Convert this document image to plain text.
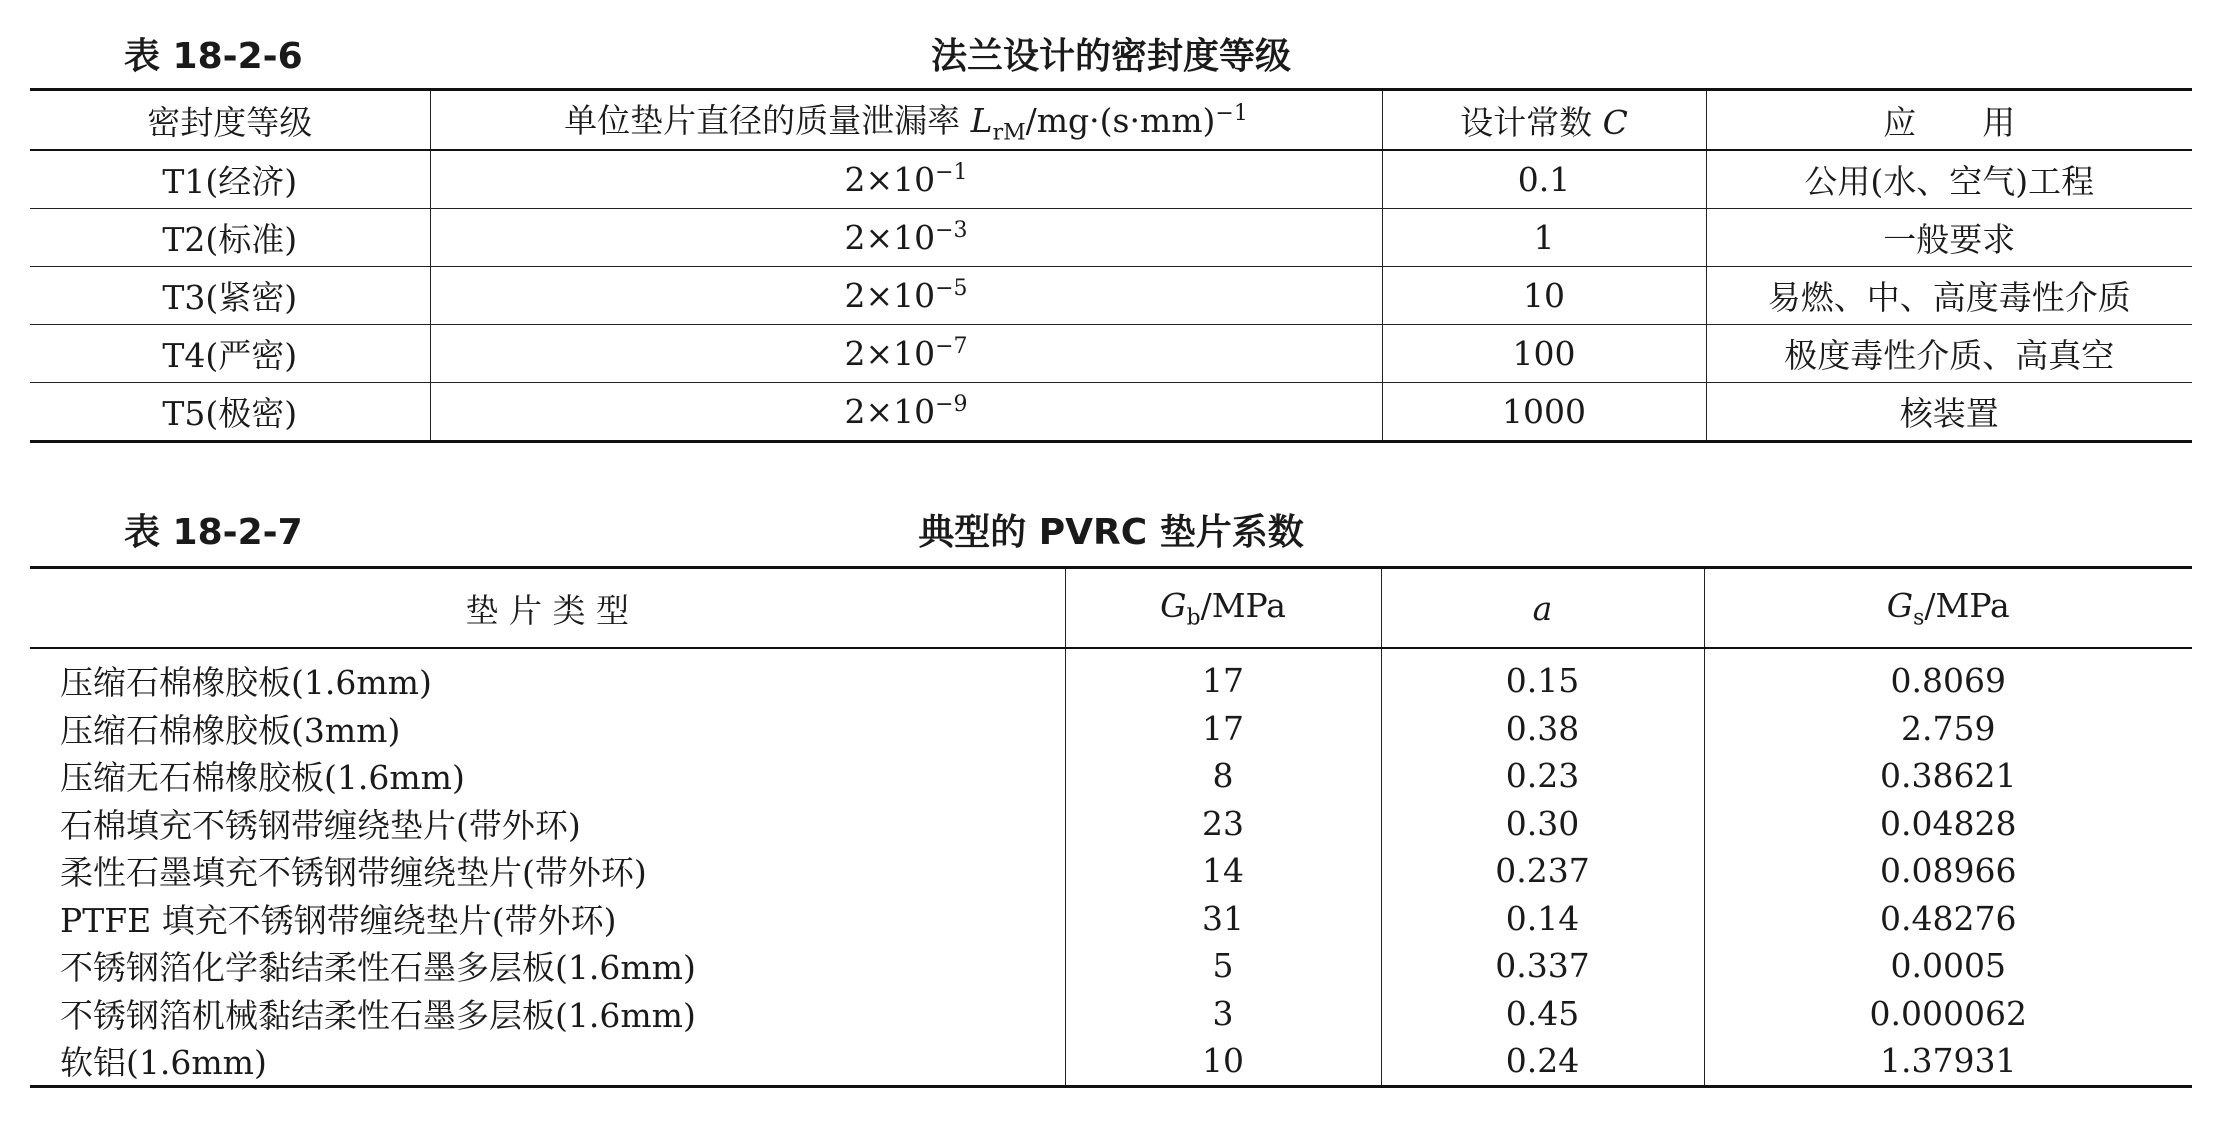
表 18-2-6	法兰设计的密封度等级
密封度等级	单位垫片直径的质量泄漏率 $L_{rM}/mg\cdot(s\cdot mm)^{-1}$	设计常数 C	应　　用
T1(经济)	$2\times 10^{-1}$	0.1	公用(水、空气)工程
T2(标准)	$2\times 10^{-3}$	1	一般要求
T3(紧密)	$2\times 10^{-5}$	10	易燃、中、高度毒性介质
T4(严密)	$2\times 10^{-7}$	100	极度毒性介质、高真空
T5(极密)	$2\times 10^{-9}$	1000	核装置
表 18-2-7	典型的 PVRC 垫片系数
垫 片 类 型	$G_b$/MPa	a	$G_s$/MPa
压缩石棉橡胶板(1.6mm)	17	0.15	0.8069
压缩石棉橡胶板(3mm)	17	0.38	2.759
压缩无石棉橡胶板(1.6mm)	8	0.23	0.38621
石棉填充不锈钢带缠绕垫片(带外环)	23	0.30	0.04828
柔性石墨填充不锈钢带缠绕垫片(带外环)	14	0.237	0.08966
PTFE 填充不锈钢带缠绕垫片(带外环)	31	0.14	0.48276
不锈钢箔化学黏结柔性石墨多层板(1.6mm)	5	0.337	0.0005
不锈钢箔机械黏结柔性石墨多层板(1.6mm)	3	0.45	0.000062
软铝(1.6mm)	10	0.24	1.37931
